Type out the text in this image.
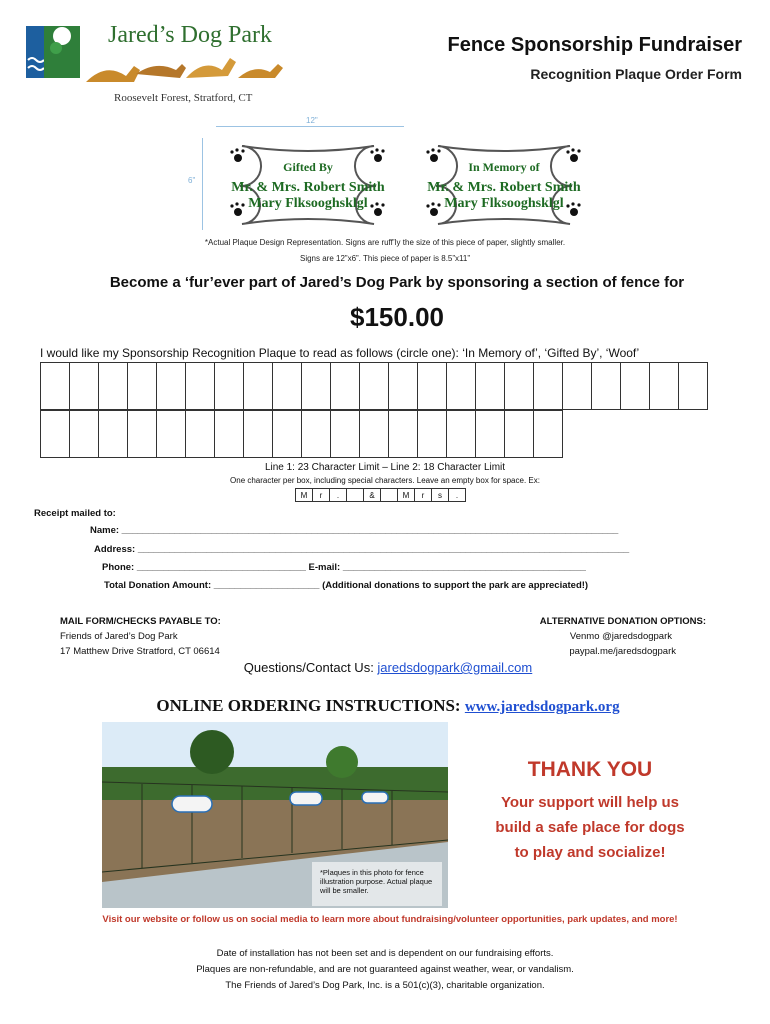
Jared’s Dog Park
Roosevelt Forest, Stratford, CT
Fence Sponsorship Fundraiser
Recognition Plaque Order Form
12"
6"
Gifted By
Mr. & Mrs. Robert Smith
Mary Flksooghsklgl
In Memory of
Mr. & Mrs. Robert Smith
Mary Flksooghsklgl
*Actual Plaque Design Representation. Signs are ruff’ly the size of this piece of paper, slightly smaller.
Signs are 12”x6”. This piece of paper is 8.5”x11”
Become a ‘fur’ever part of Jared’s Dog Park by sponsoring a section of fence for
$150.00
I would like my Sponsorship Recognition Plaque to read as follows (circle one): ‘In Memory of’, ‘Gifted By’, ‘Woof’

Line 1: 23 Character Limit – Line 2: 18 Character Limit
One character per box, including special characters. Leave an empty box for space. Ex:
M	r	.		&		M	r	s	.
Receipt mailed to:
Name: ______________________________________________________________________________________________
Address: _____________________________________________________________________________________________
Phone: ________________________________ E-mail: ______________________________________________
Total Donation Amount: ____________________ (Additional donations to support the park are appreciated!)
MAIL FORM/CHECKS PAYABLE TO:
Friends of Jared’s Dog Park
17 Matthew Drive Stratford, CT 06614
ALTERNATIVE DONATION OPTIONS:
Venmo @jaredsdogpark
paypal.me/jaredsdogpark
Questions/Contact Us: jaredsdogpark@gmail.com
ONLINE ORDERING INSTRUCTIONS: www.jaredsdogpark.org
*Plaques in this photo for fence illustration purpose. Actual plaque will be smaller.
THANK YOU
Your support will help us
build a safe place for dogs
to play and socialize!
Visit our website or follow us on social media to learn more about fundraising/volunteer opportunities, park updates, and more!
Date of installation has not been set and is dependent on our fundraising efforts.
Plaques are non-refundable, and are not guaranteed against weather, wear, or vandalism.
The Friends of Jared’s Dog Park, Inc. is a 501(c)(3), charitable organization.
